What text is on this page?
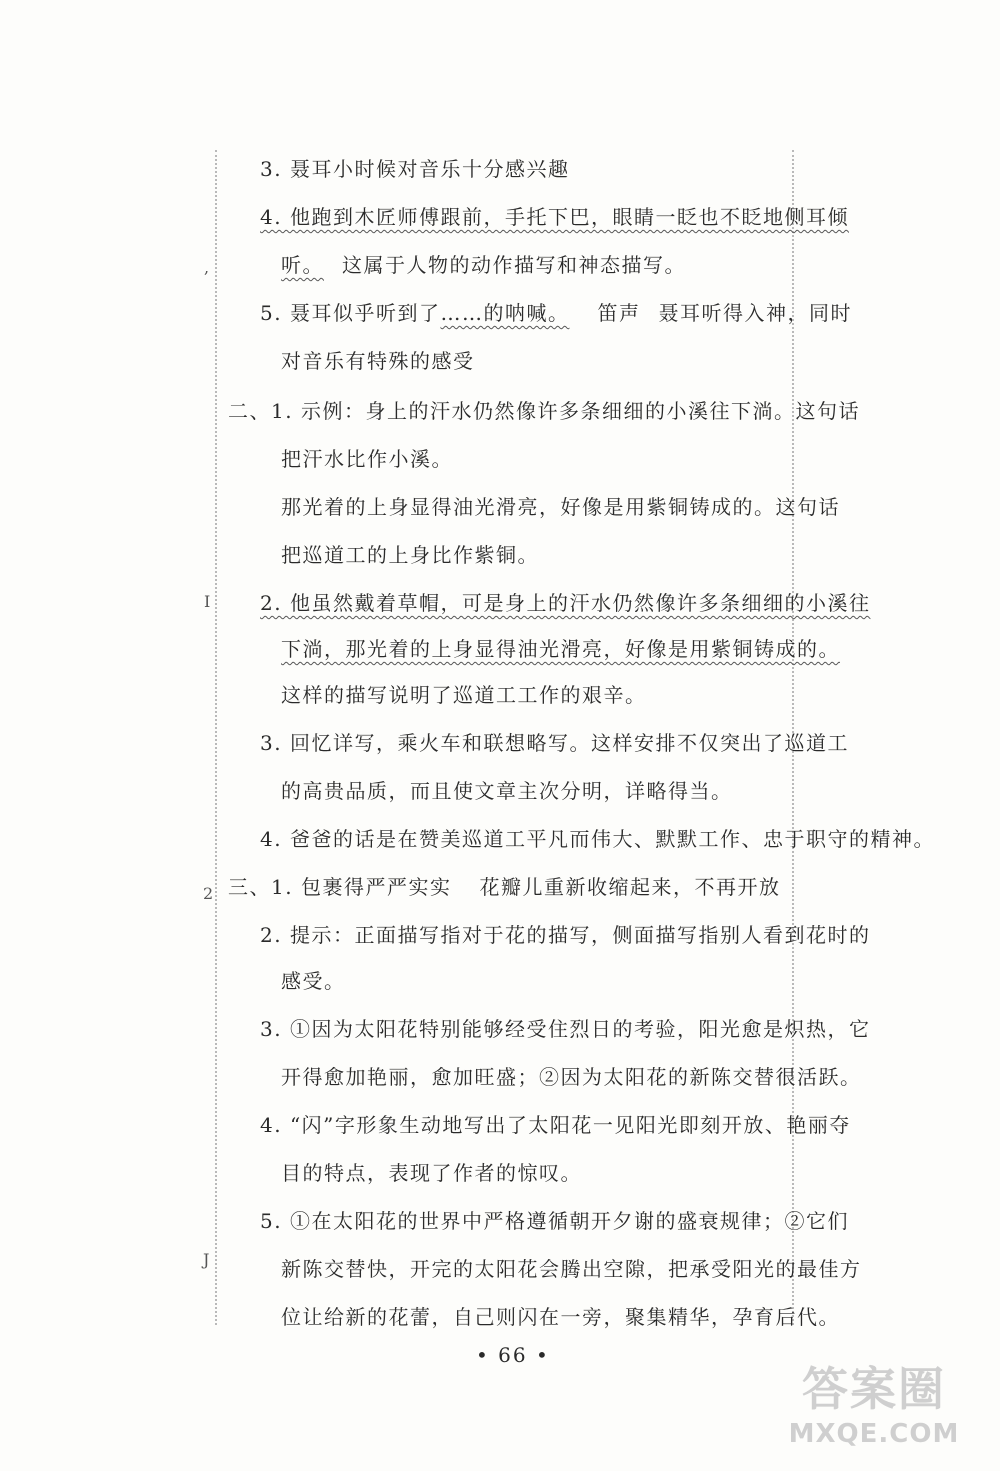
,
I
2
J
3. 聂耳小时候对音乐十分感兴趣
4. 他跑到木匠师傅跟前，手托下巴，眼睛一眨也不眨地侧耳倾
听。 这属于人物的动作描写和神态描写。
5. 聂耳似乎听到了……的呐喊。 笛声 聂耳听得入神，同时
对音乐有特殊的感受
二、1. 示例：身上的汗水仍然像许多条细细的小溪往下淌。这句话
把汗水比作小溪。
那光着的上身显得油光滑亮，好像是用紫铜铸成的。这句话
把巡道工的上身比作紫铜。
2. 他虽然戴着草帽，可是身上的汗水仍然像许多条细细的小溪往
下淌，那光着的上身显得油光滑亮，好像是用紫铜铸成的。
这样的描写说明了巡道工工作的艰辛。
3. 回忆详写，乘火车和联想略写。这样安排不仅突出了巡道工
的高贵品质，而且使文章主次分明，详略得当。
4. 爸爸的话是在赞美巡道工平凡而伟大、默默工作、忠于职守的精神。
三、1. 包裹得严严实实 花瓣儿重新收缩起来，不再开放
2. 提示：正面描写指对于花的描写，侧面描写指别人看到花时的
感受。
3. ①因为太阳花特别能够经受住烈日的考验，阳光愈是炽热，它
开得愈加艳丽，愈加旺盛；②因为太阳花的新陈交替很活跃。
4. “闪”字形象生动地写出了太阳花一见阳光即刻开放、艳丽夺
目的特点，表现了作者的惊叹。
5. ①在太阳花的世界中严格遵循朝开夕谢的盛衰规律；②它们
新陈交替快，开完的太阳花会腾出空隙，把承受阳光的最佳方
位让给新的花蕾，自己则闪在一旁，聚集精华，孕育后代。
• 66 •
答案圈
MXQE.COM
